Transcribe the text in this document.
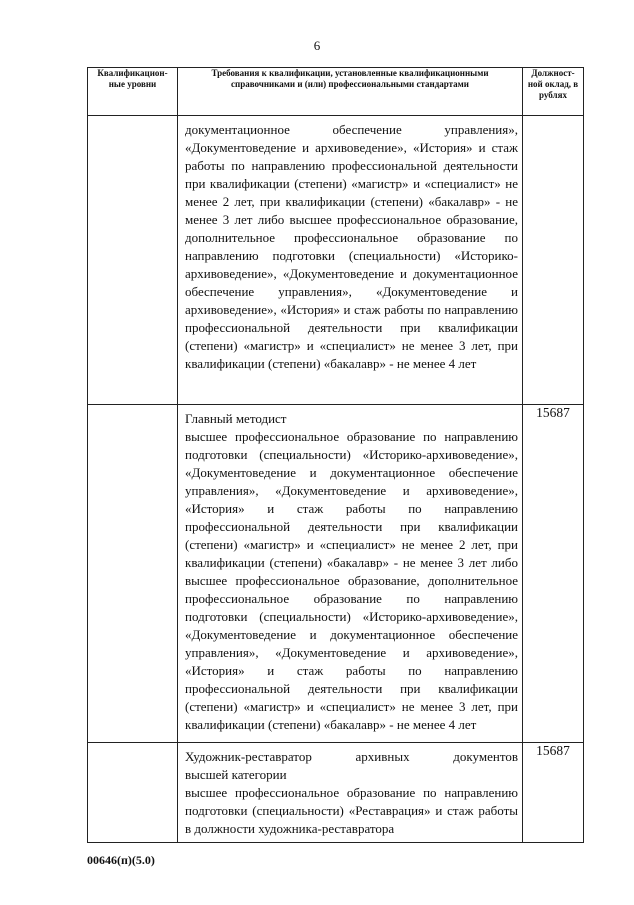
6
Квалификацион-ные уровни	Требования к квалификации, установленные квалификационными справочниками и (или) профессиональными стандартами	Должност-ной оклад, в рублях

	документационное обеспечение управления», «Документоведение и архивоведение», «История» и стаж работы по направлению профессиональной деятельности при квалификации (степени) «магистр» и «специалист» не менее 2 лет, при квалификации (степени) «бакалавр» - не менее 3 лет либо высшее профессиональное образование, дополнительное профессиональное образование по направлению подготовки (специальности) «Историко-архивоведение», «Документоведение и документационное обеспечение управления», «Документоведение и архивоведение», «История» и стаж работы по направлению профессиональной деятельности при квалификации (степени) «магистр» и «специалист» не менее 3 лет, при квалификации (степени) «бакалавр» - не менее 4 лет	

	Главный методист

высшее профессиональное образование по направлению подготовки (специальности) «Историко-архивоведение», «Документоведение и документационное обеспечение управления», «Документоведение и архивоведение», «История» и стаж работы по направлению профессиональной деятельности при квалификации (степени) «магистр» и «специалист» не менее 2 лет, при квалификации (степени) «бакалавр» - не менее 3 лет либо высшее профессиональное образование, дополнительное профессиональное образование по направлению подготовки (специальности) «Историко-архивоведение», «Документоведение и документационное обеспечение управления», «Документоведение и архивоведение», «История» и стаж работы по направлению профессиональной деятельности при квалификации (степени) «магистр» и «специалист» не менее 3 лет, при квалификации (степени) «бакалавр» - не менее 4 лет	15687

	Художник-реставратор архивных документов

высшей категории

высшее профессиональное образование по направлению подготовки (специальности) «Реставрация» и стаж работы в должности художника-реставратора	15687
00646(п)(5.0)
